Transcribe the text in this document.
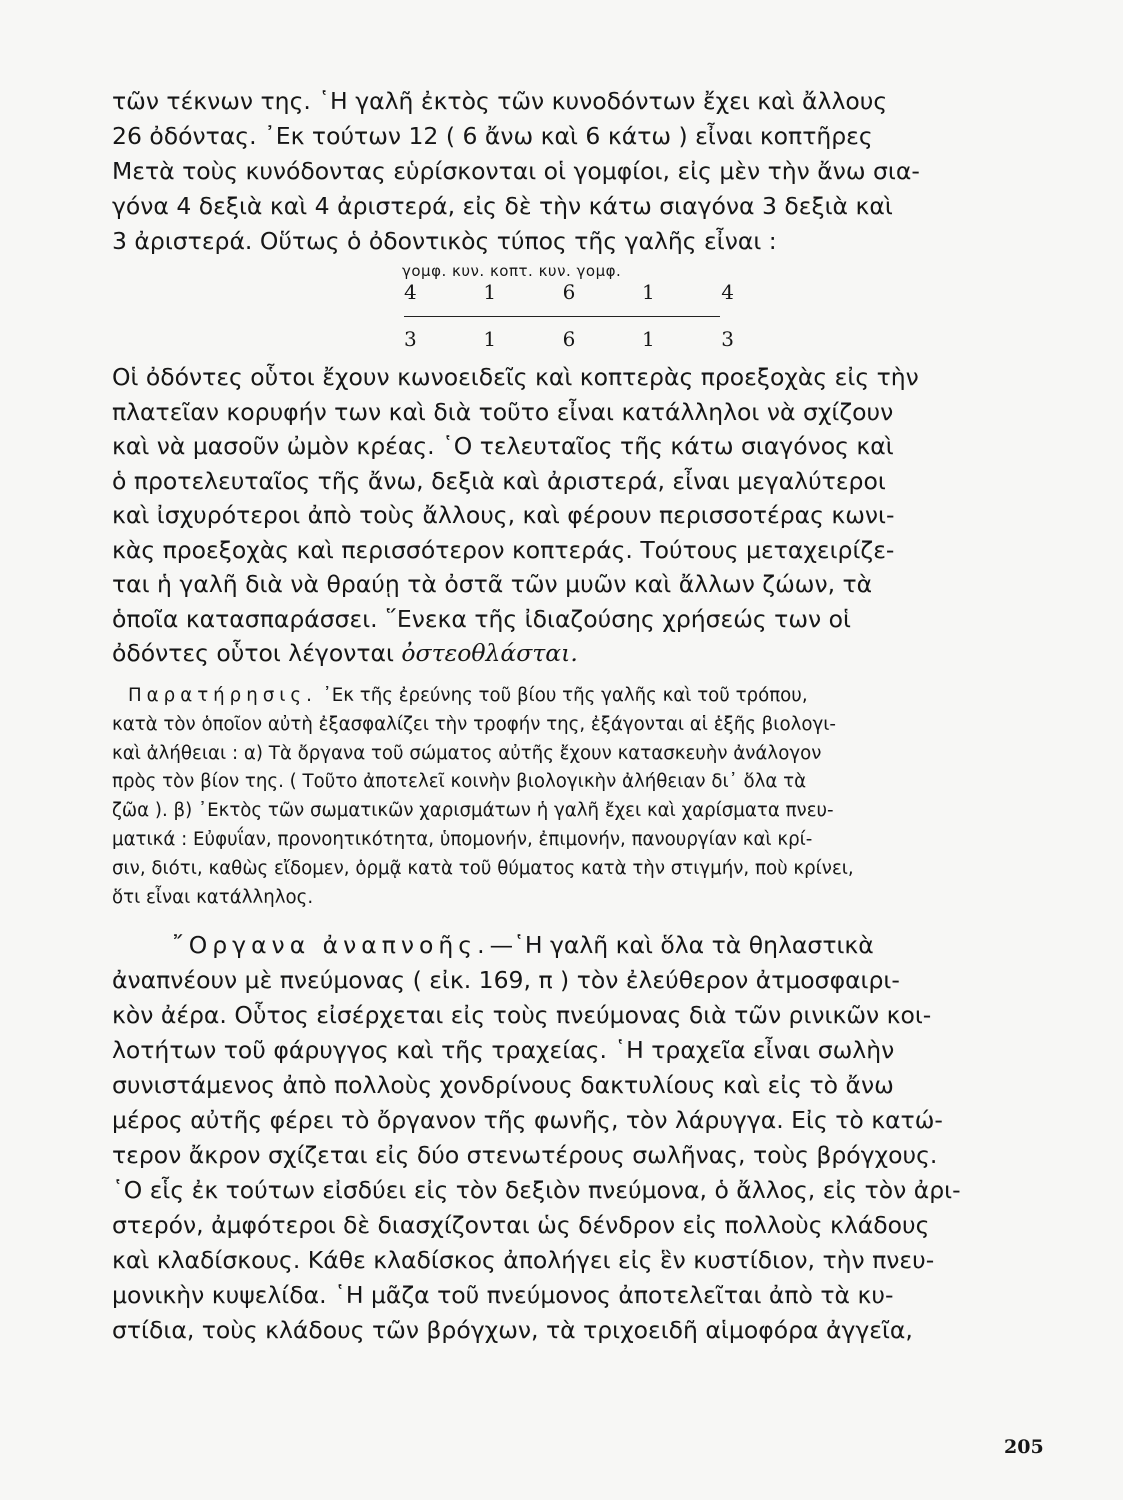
τῶν τέκνων της. ῾Η γαλῆ ἐκτὸς τῶν κυνοδόντων ἔχει καὶ ἄλλους
26 ὀδόντας. ᾽Εκ τούτων 12 ( 6 ἄνω καὶ 6 κάτω ) εἶναι κοπτῆρες
Μετὰ τοὺς κυνόδοντας εὑρίσκονται οἱ γομφίοι, εἰς μὲν τὴν ἄνω σια-
γόνα 4 δεξιὰ καὶ 4 ἀριστερά, εἰς δὲ τὴν κάτω σιαγόνα 3 δεξιὰ καὶ
3 ἀριστερά. Οὕτως ὁ ὀδοντικὸς τύπος τῆς γαλῆς εἶναι :
γομφ. κυν. κοπτ. κυν. γομφ.
4	1	6	1	4
3	1	6	1	3
Οἱ ὀδόντες οὗτοι ἔχουν κωνοειδεῖς καὶ κοπτερὰς προεξοχὰς εἰς τὴν
πλατεῖαν κορυφήν των καὶ διὰ τοῦτο εἶναι κατάλληλοι νὰ σχίζουν
καὶ νὰ μασοῦν ὠμὸν κρέας. ῾Ο τελευταῖος τῆς κάτω σιαγόνος καὶ
ὁ προτελευταῖος τῆς ἄνω, δεξιὰ καὶ ἀριστερά, εἶναι μεγαλύτεροι
καὶ ἰσχυρότεροι ἀπὸ τοὺς ἄλλους, καὶ φέρουν περισσοτέρας κωνι-
κὰς προεξοχὰς καὶ περισσότερον κοπτεράς. Τούτους μεταχειρίζε-
ται ἡ γαλῆ διὰ νὰ θραύῃ τὰ ὀστᾶ τῶν μυῶν καὶ ἄλλων ζώων, τὰ
ὁποῖα κατασπαράσσει. ῞Ενεκα τῆς ἰδιαζούσης χρήσεώς των οἱ
ὀδόντες οὗτοι λέγονται ὀστεοθλάσται.
Παρατήρησις. ᾽Εκ τῆς ἐρεύνης τοῦ βίου τῆς γαλῆς καὶ τοῦ τρόπου,
κατὰ τὸν ὁποῖον αὐτὴ ἐξασφαλίζει τὴν τροφήν της, ἐξάγονται αἱ ἑξῆς βιολογι-
καὶ ἀλήθειαι : α) Τὰ ὄργανα τοῦ σώματος αὐτῆς ἔχουν κατασκευὴν ἀνάλογον
πρὸς τὸν βίον της. ( Τοῦτο ἀποτελεῖ κοινὴν βιολογικὴν ἀλήθειαν δι᾽ ὅλα τὰ
ζῶα ). β) ᾽Εκτὸς τῶν σωματικῶν χαρισμάτων ἡ γαλῆ ἔχει καὶ χαρίσματα πνευ-
ματικά : Εὐφυΐαν, προνοητικότητα, ὑπομονήν, ἐπιμονήν, πανουργίαν καὶ κρί-
σιν, διότι, καθὼς εἴδομεν, ὁρμᾷ κατὰ τοῦ θύματος κατὰ τὴν στιγμήν, ποὺ κρίνει,
ὅτι εἶναι κατάλληλος.
῎Οργανα ἀναπνοῆς.—῾Η γαλῆ καὶ ὅλα τὰ θηλαστικὰ
ἀναπνέουν μὲ πνεύμονας ( εἰκ. 169, π ) τὸν ἐλεύθερον ἀτμοσφαιρι-
κὸν ἀέρα. Οὗτος εἰσέρχεται εἰς τοὺς πνεύμονας διὰ τῶν ρινικῶν κοι-
λοτήτων τοῦ φάρυγγος καὶ τῆς τραχείας. ῾Η τραχεῖα εἶναι σωλὴν
συνιστάμενος ἀπὸ πολλοὺς χονδρίνους δακτυλίους καὶ εἰς τὸ ἄνω
μέρος αὐτῆς φέρει τὸ ὄργανον τῆς φωνῆς, τὸν λάρυγγα. Εἰς τὸ κατώ-
τερον ἄκρον σχίζεται εἰς δύο στενωτέρους σωλῆνας, τοὺς βρόγχους.
῾Ο εἷς ἐκ τούτων εἰσδύει εἰς τὸν δεξιὸν πνεύμονα, ὁ ἄλλος, εἰς τὸν ἀρι-
στερόν, ἀμφότεροι δὲ διασχίζονται ὡς δένδρον εἰς πολλοὺς κλάδους
καὶ κλαδίσκους. Κάθε κλαδίσκος ἀπολήγει εἰς ἓν κυστίδιον, τὴν πνευ-
μονικὴν κυψελίδα. ῾Η μᾶζα τοῦ πνεύμονος ἀποτελεῖται ἀπὸ τὰ κυ-
στίδια, τοὺς κλάδους τῶν βρόγχων, τὰ τριχοειδῆ αἱμοφόρα ἀγγεῖα,
205
